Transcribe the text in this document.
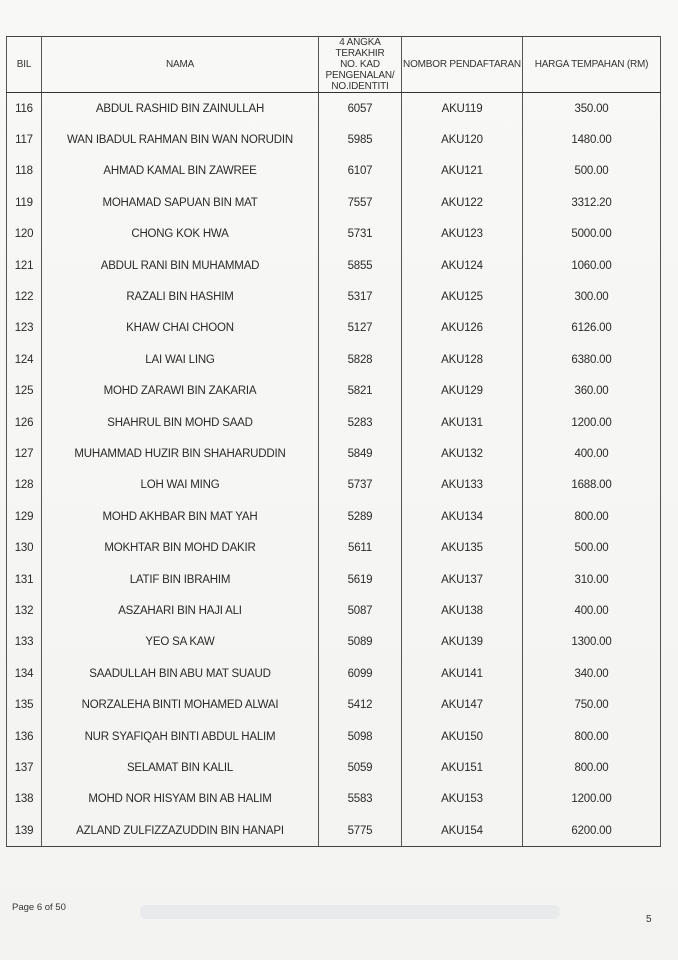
BIL	NAMA	4 ANGKA TERAKHIR
NO. KAD
PENGENALAN/
NO.IDENTITI	NOMBOR PENDAFTARAN	HARGA TEMPAHAN (RM)
116	ABDUL RASHID BIN ZAINULLAH	6057	AKU119	350.00
117	WAN IBADUL RAHMAN BIN WAN NORUDIN	5985	AKU120	1480.00
118	AHMAD KAMAL BIN ZAWREE	6107	AKU121	500.00
119	MOHAMAD SAPUAN BIN MAT	7557	AKU122	3312.20
120	CHONG KOK HWA	5731	AKU123	5000.00
121	ABDUL RANI BIN MUHAMMAD	5855	AKU124	1060.00
122	RAZALI BIN HASHIM	5317	AKU125	300.00
123	KHAW CHAI CHOON	5127	AKU126	6126.00
124	LAI WAI LING	5828	AKU128	6380.00
125	MOHD ZARAWI BIN ZAKARIA	5821	AKU129	360.00
126	SHAHRUL BIN MOHD SAAD	5283	AKU131	1200.00
127	MUHAMMAD HUZIR BIN SHAHARUDDIN	5849	AKU132	400.00
128	LOH WAI MING	5737	AKU133	1688.00
129	MOHD AKHBAR BIN MAT YAH	5289	AKU134	800.00
130	MOKHTAR BIN MOHD DAKIR	5611	AKU135	500.00
131	LATIF BIN IBRAHIM	5619	AKU137	310.00
132	ASZAHARI BIN HAJI ALI	5087	AKU138	400.00
133	YEO SA KAW	5089	AKU139	1300.00
134	SAADULLAH BIN ABU MAT SUAUD	6099	AKU141	340.00
135	NORZALEHA BINTI MOHAMED ALWAI	5412	AKU147	750.00
136	NUR SYAFIQAH BINTI ABDUL HALIM	5098	AKU150	800.00
137	SELAMAT BIN KALIL	5059	AKU151	800.00
138	MOHD NOR HISYAM BIN AB HALIM	5583	AKU153	1200.00
139	AZLAND ZULFIZZAZUDDIN BIN HANAPI	5775	AKU154	6200.00
Page 6 of 50
5
